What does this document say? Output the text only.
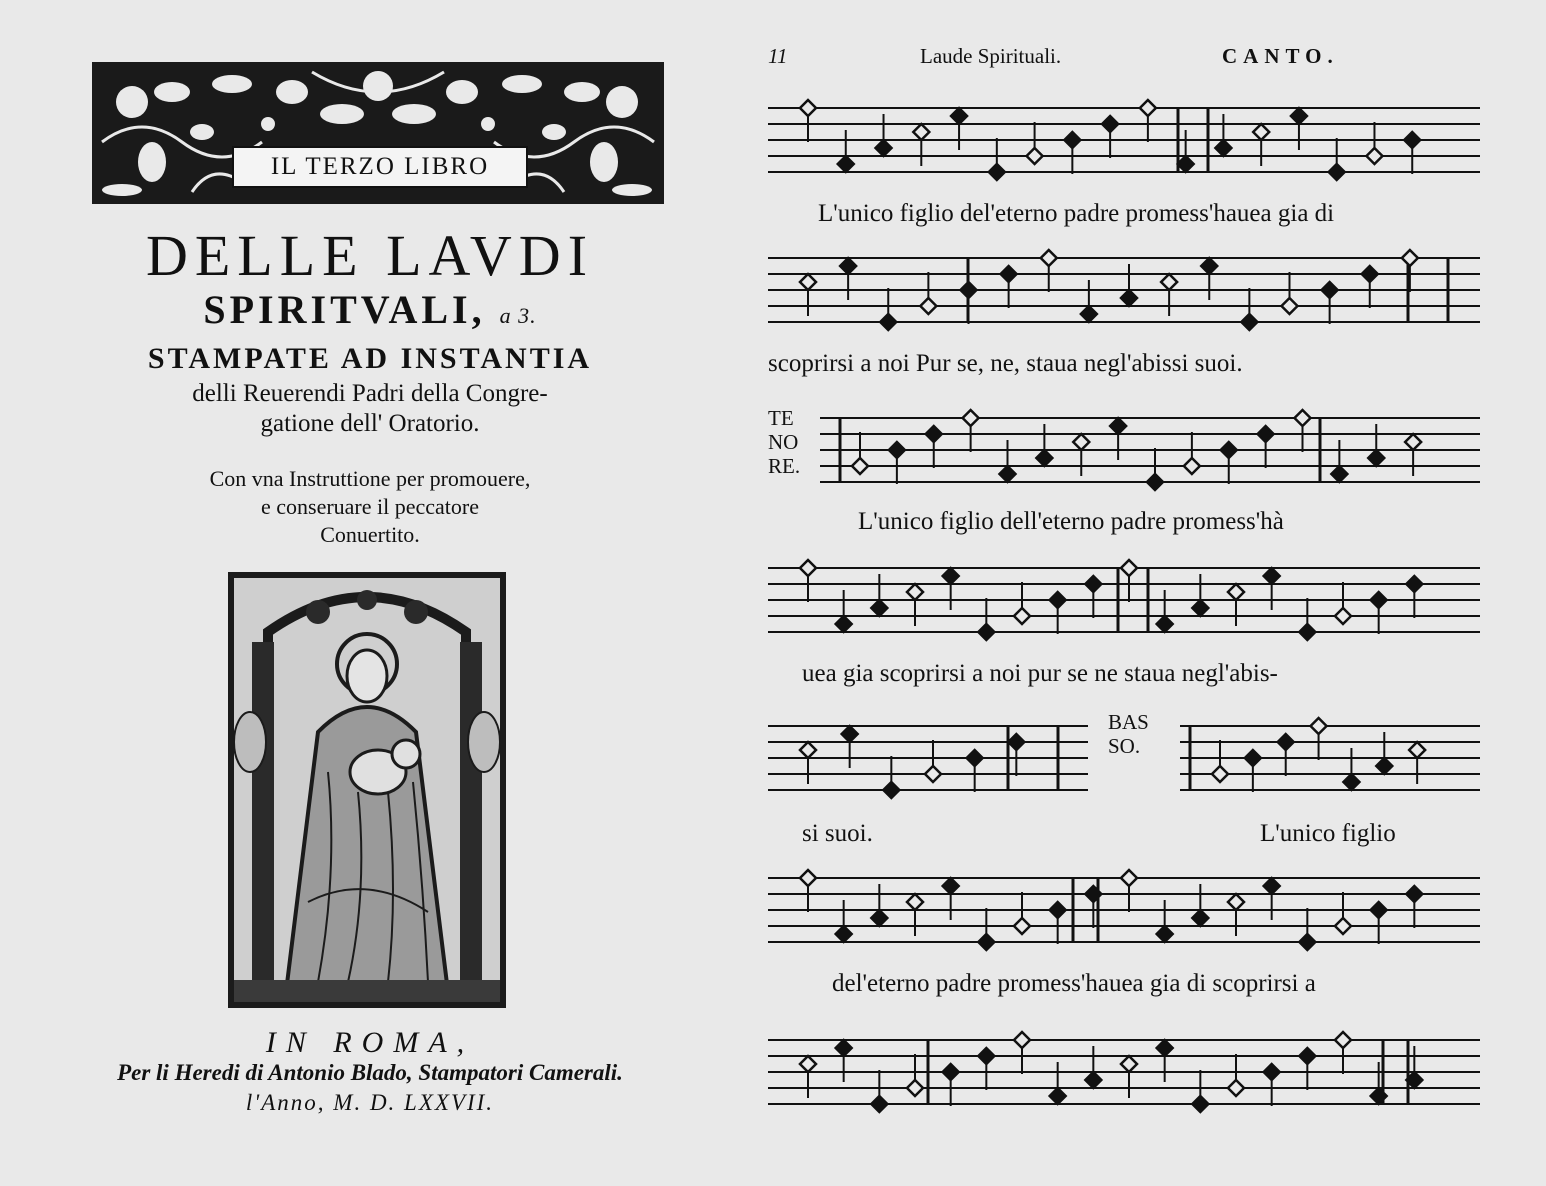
IL TERZO LIBRO
DELLE LAVDI
SPIRITVALI, a 3.
STAMPATE AD INSTANTIA
delli Reuerendi Padri della Congre-
gatione dell' Oratorio.
Con vna Instruttione per promouere,
e conseruare il peccatore
Conuertito.
IN ROMA,
Per li Heredi di Antonio Blado, Stampatori Camerali.
l'Anno, M. D. LXXVII.
11	Laude Spirituali.	CANTO.
L'unico figlio del'eterno padre promess'hauea gia di
scoprirsi a noi Pur se, ne, staua negl'abissi suoi.
TE
NO
RE.
L'unico figlio dell'eterno padre promess'hà
uea gia scoprirsi a noi pur se ne staua negl'abis-
BAS
SO.
si suoi.	L'unico figlio
del'eterno padre promess'hauea gia di scoprirsi a
